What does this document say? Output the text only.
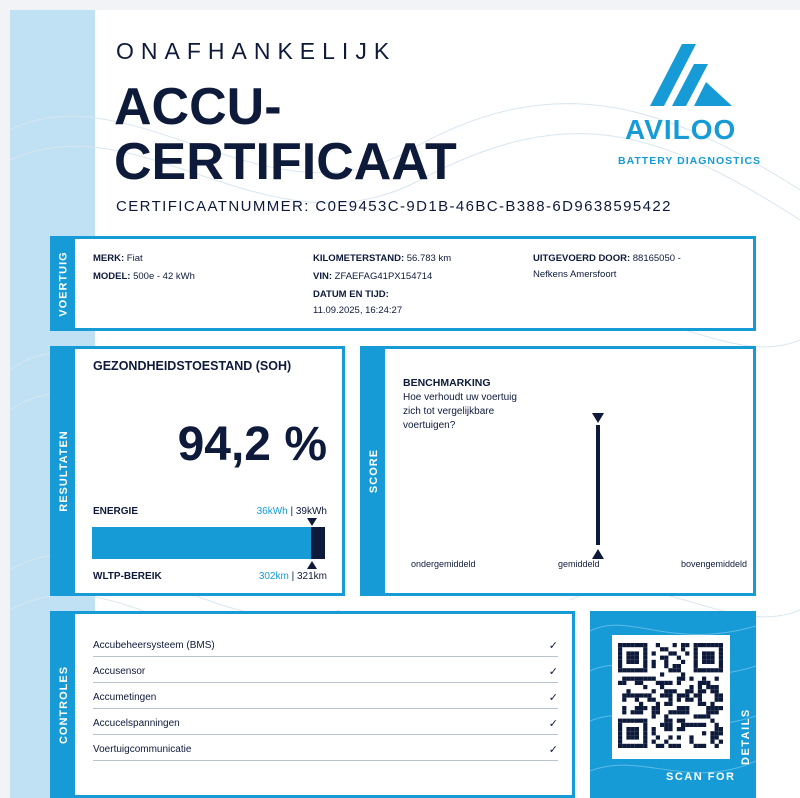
ONAFHANKELIJK
ACCU-
CERTIFICAAT
CERTIFICAATNUMMER: C0E9453C-9D1B-46BC-B388-6D9638595422
AVILOO
BATTERY DIAGNOSTICS
VOERTUIG MERK: Fiat
MODEL: 500e - 42 kWh
KILOMETERSTAND: 56.783 km
VIN: ZFAEFAG41PX154714
DATUM EN TIJD:
11.09.2025, 16:24:27
UITGEVOERD DOOR: 88165050 -
Nefkens Amersfoort
RESULTATEN
GEZONDHEIDSTOESTAND (SOH)
94,2 %
ENERGIE	36kWh | 39kWh
WLTP-BEREIK	302km | 321km
SCORE
BENCHMARKING
Hoe verhoudt uw voertuig zich tot vergelijkbare voertuigen?
ondergemiddeld	gemiddeld	bovengemiddeld
CONTROLES
Accubeheersysteem (BMS)	✓
Accusensor	✓
Accumetingen	✓
Accucelspanningen	✓
Voertuigcommunicatie	✓
SCAN FOR
DETAILS
